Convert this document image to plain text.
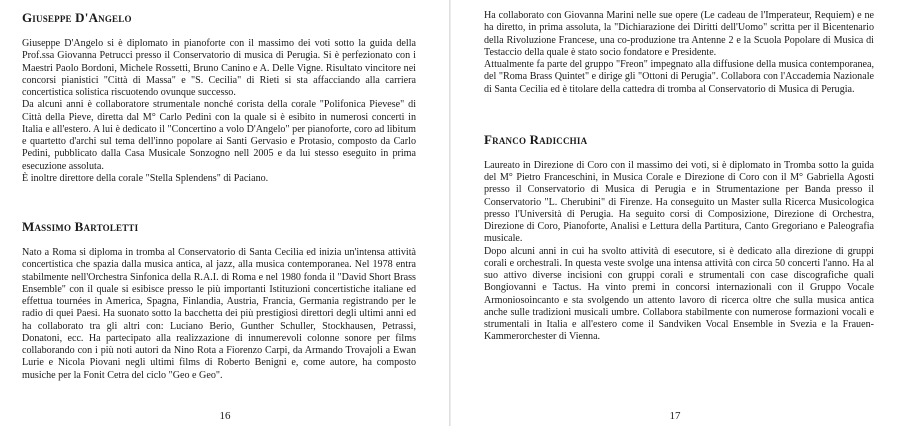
Giuseppe D'Angelo

Giuseppe D'Angelo si è diplomato in pianoforte con il massimo dei voti sotto la guida della Prof.ssa Giovanna Petrucci presso il Conservatorio di musica di Perugia. Si è perfezionato con i Maestri Paolo Bordoni, Michele Rossetti, Bruno Canino e A. Delle Vigne. Risultato vincitore nei concorsi pianistici "Città di Massa" e "S. Cecilia" di Rieti si sta affacciando alla carriera concertistica solistica riscuotendo ovunque successo.

Da alcuni anni è collaboratore strumentale nonché corista della corale "Polifonica Pievese" di Città della Pieve, diretta dal M° Carlo Pedini con la quale si è esibito in numerosi concerti in Italia e all'estero. A lui è dedicato il "Concertino a volo D'Angelo" per pianoforte, coro ad libitum e quartetto d'archi sul tema dell'inno popolare ai Santi Gervasio e Protasio, composto da Carlo Pedini, pubblicato dalla Casa Musicale Sonzogno nell 2005 e da lui stesso eseguito in prima esecuzione assoluta.

È inoltre direttore della corale "Stella Splendens" di Paciano.

Massimo Bartoletti

Nato a Roma si diploma in tromba al Conservatorio di Santa Cecilia ed inizia un'intensa attività concertistica che spazia dalla musica antica, al jazz, alla musica contemporanea. Nel 1978 entra stabilmente nell'Orchestra Sinfonica della R.A.I. di Roma e nel 1980 fonda il "David Short Brass Ensemble" con il quale si esibisce presso le più importanti Istituzioni concertistiche italiane ed effettua tournées in America, Spagna, Finlandia, Austria, Francia, Germania registrando per le radio di quei Paesi. Ha suonato sotto la bacchetta dei più prestigiosi direttori degli ultimi anni ed ha collaborato tra gli altri con: Luciano Berio, Gunther Schuller, Stockhausen, Petrassi, Donatoni, ecc. Ha partecipato alla realizzazione di innumerevoli colonne sonore per films collaborando con i più noti autori da Nino Rota a Fiorenzo Carpi, da Armando Trovajoli a Ewan Lurie e Nicola Piovani negli ultimi films di Roberto Benigni e, come autore, ha composto musiche per la Fonit Cetra del ciclo "Geo e Geo".

16

Ha collaborato con Giovanna Marini nelle sue opere (Le cadeau de l'Imperateur, Requiem) e ne ha diretto, in prima assoluta, la "Dichiarazione dei Diritti dell'Uomo" scritta per il Bicentenario della Rivoluzione Francese, una co-produzione tra Antenne 2 e la Scuola Popolare di Musica di Testaccio della quale è stato socio fondatore e Presidente.

Attualmente fa parte del gruppo "Freon" impegnato alla diffusione della musica contemporanea, del "Roma Brass Quintet" e dirige gli "Ottoni di Perugia". Collabora con l'Accademia Nazionale di Santa Cecilia ed è titolare della cattedra di tromba al Conservatorio di Musica di Perugia.

Franco Radicchia

Laureato in Direzione di Coro con il massimo dei voti, si è diplomato in Tromba sotto la guida del M° Pietro Franceschini, in Musica Corale e Direzione di Coro con il M° Gabriella Agosti presso il Conservatorio di Musica di Perugia e in Strumentazione per Banda presso il Conservatorio "L. Cherubini" di Firenze. Ha conseguito un Master sulla Ricerca Musicologica presso l'Università di Perugia. Ha seguito corsi di Composizione, Direzione di Orchestra, Direzione di Coro, Pianoforte, Analisi e Lettura della Partitura, Canto Gregoriano e Paleografia musicale.

Dopo alcuni anni in cui ha svolto attività di esecutore, si è dedicato alla direzione di gruppi corali e orchestrali. In questa veste svolge una intensa attività con circa 50 concerti l'anno. Ha al suo attivo diverse incisioni con gruppi corali e strumentali con case discografiche quali Bongiovanni e Tactus. Ha vinto premi in concorsi internazionali con il Gruppo Vocale Armoniosoincanto e sta svolgendo un attento lavoro di ricerca oltre che sulla musica antica anche sulle tradizioni musicali umbre. Collabora stabilmente con numerose formazioni vocali e strumentali in Italia e all'estero come il Sandviken Vocal Ensemble in Svezia e la Frauen-Kammerorchester di Vienna.

17
